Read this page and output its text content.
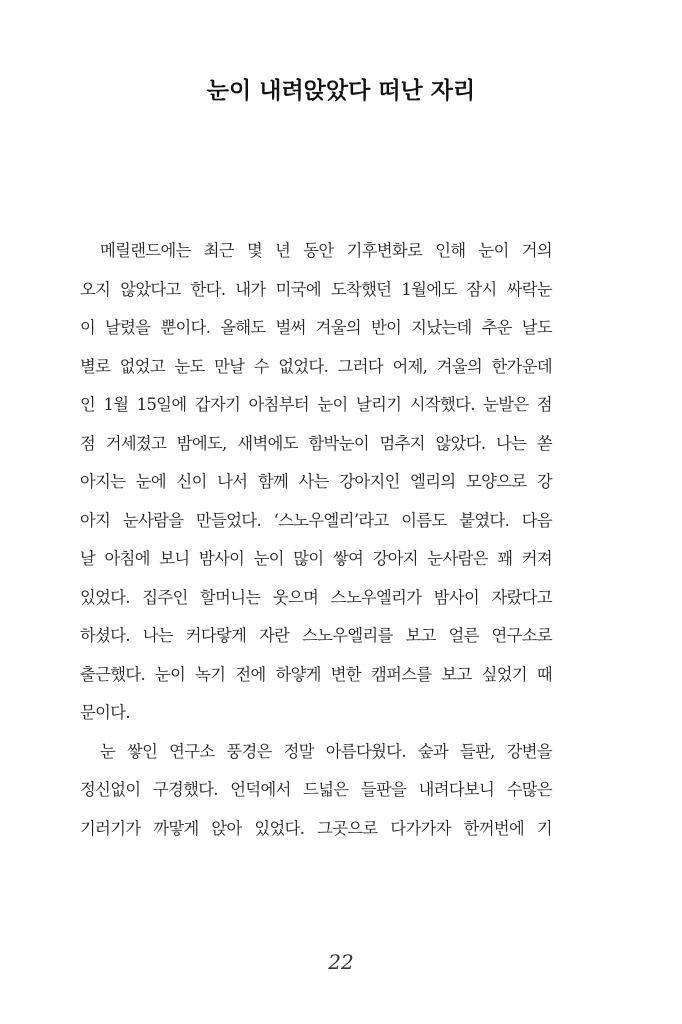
눈이 내려앉았다 떠난 자리
메릴랜드에는 최근 몇 년 동안 기후변화로 인해 눈이 거의
오지 않았다고 한다. 내가 미국에 도착했던 1월에도 잠시 싸락눈
이 날렸을 뿐이다. 올해도 벌써 겨울의 반이 지났는데 추운 날도
별로 없었고 눈도 만날 수 없었다. 그러다 어제, 겨울의 한가운데
인 1월 15일에 갑자기 아침부터 눈이 날리기 시작했다. 눈발은 점
점 거세졌고 밤에도, 새벽에도 함박눈이 멈추지 않았다. 나는 쏟
아지는 눈에 신이 나서 함께 사는 강아지인 엘리의 모양으로 강
아지 눈사람을 만들었다. ‘스노우엘리’라고 이름도 붙였다. 다음
날 아침에 보니 밤사이 눈이 많이 쌓여 강아지 눈사람은 꽤 커져
있었다. 집주인 할머니는 웃으며 스노우엘리가 밤사이 자랐다고
하셨다. 나는 커다랗게 자란 스노우엘리를 보고 얼른 연구소로
출근했다. 눈이 녹기 전에 하얗게 변한 캠퍼스를 보고 싶었기 때
문이다.
눈 쌓인 연구소 풍경은 정말 아름다웠다. 숲과 들판, 강변을
정신없이 구경했다. 언덕에서 드넓은 들판을 내려다보니 수많은
기러기가 까맣게 앉아 있었다. 그곳으로 다가가자 한꺼번에 기
22
